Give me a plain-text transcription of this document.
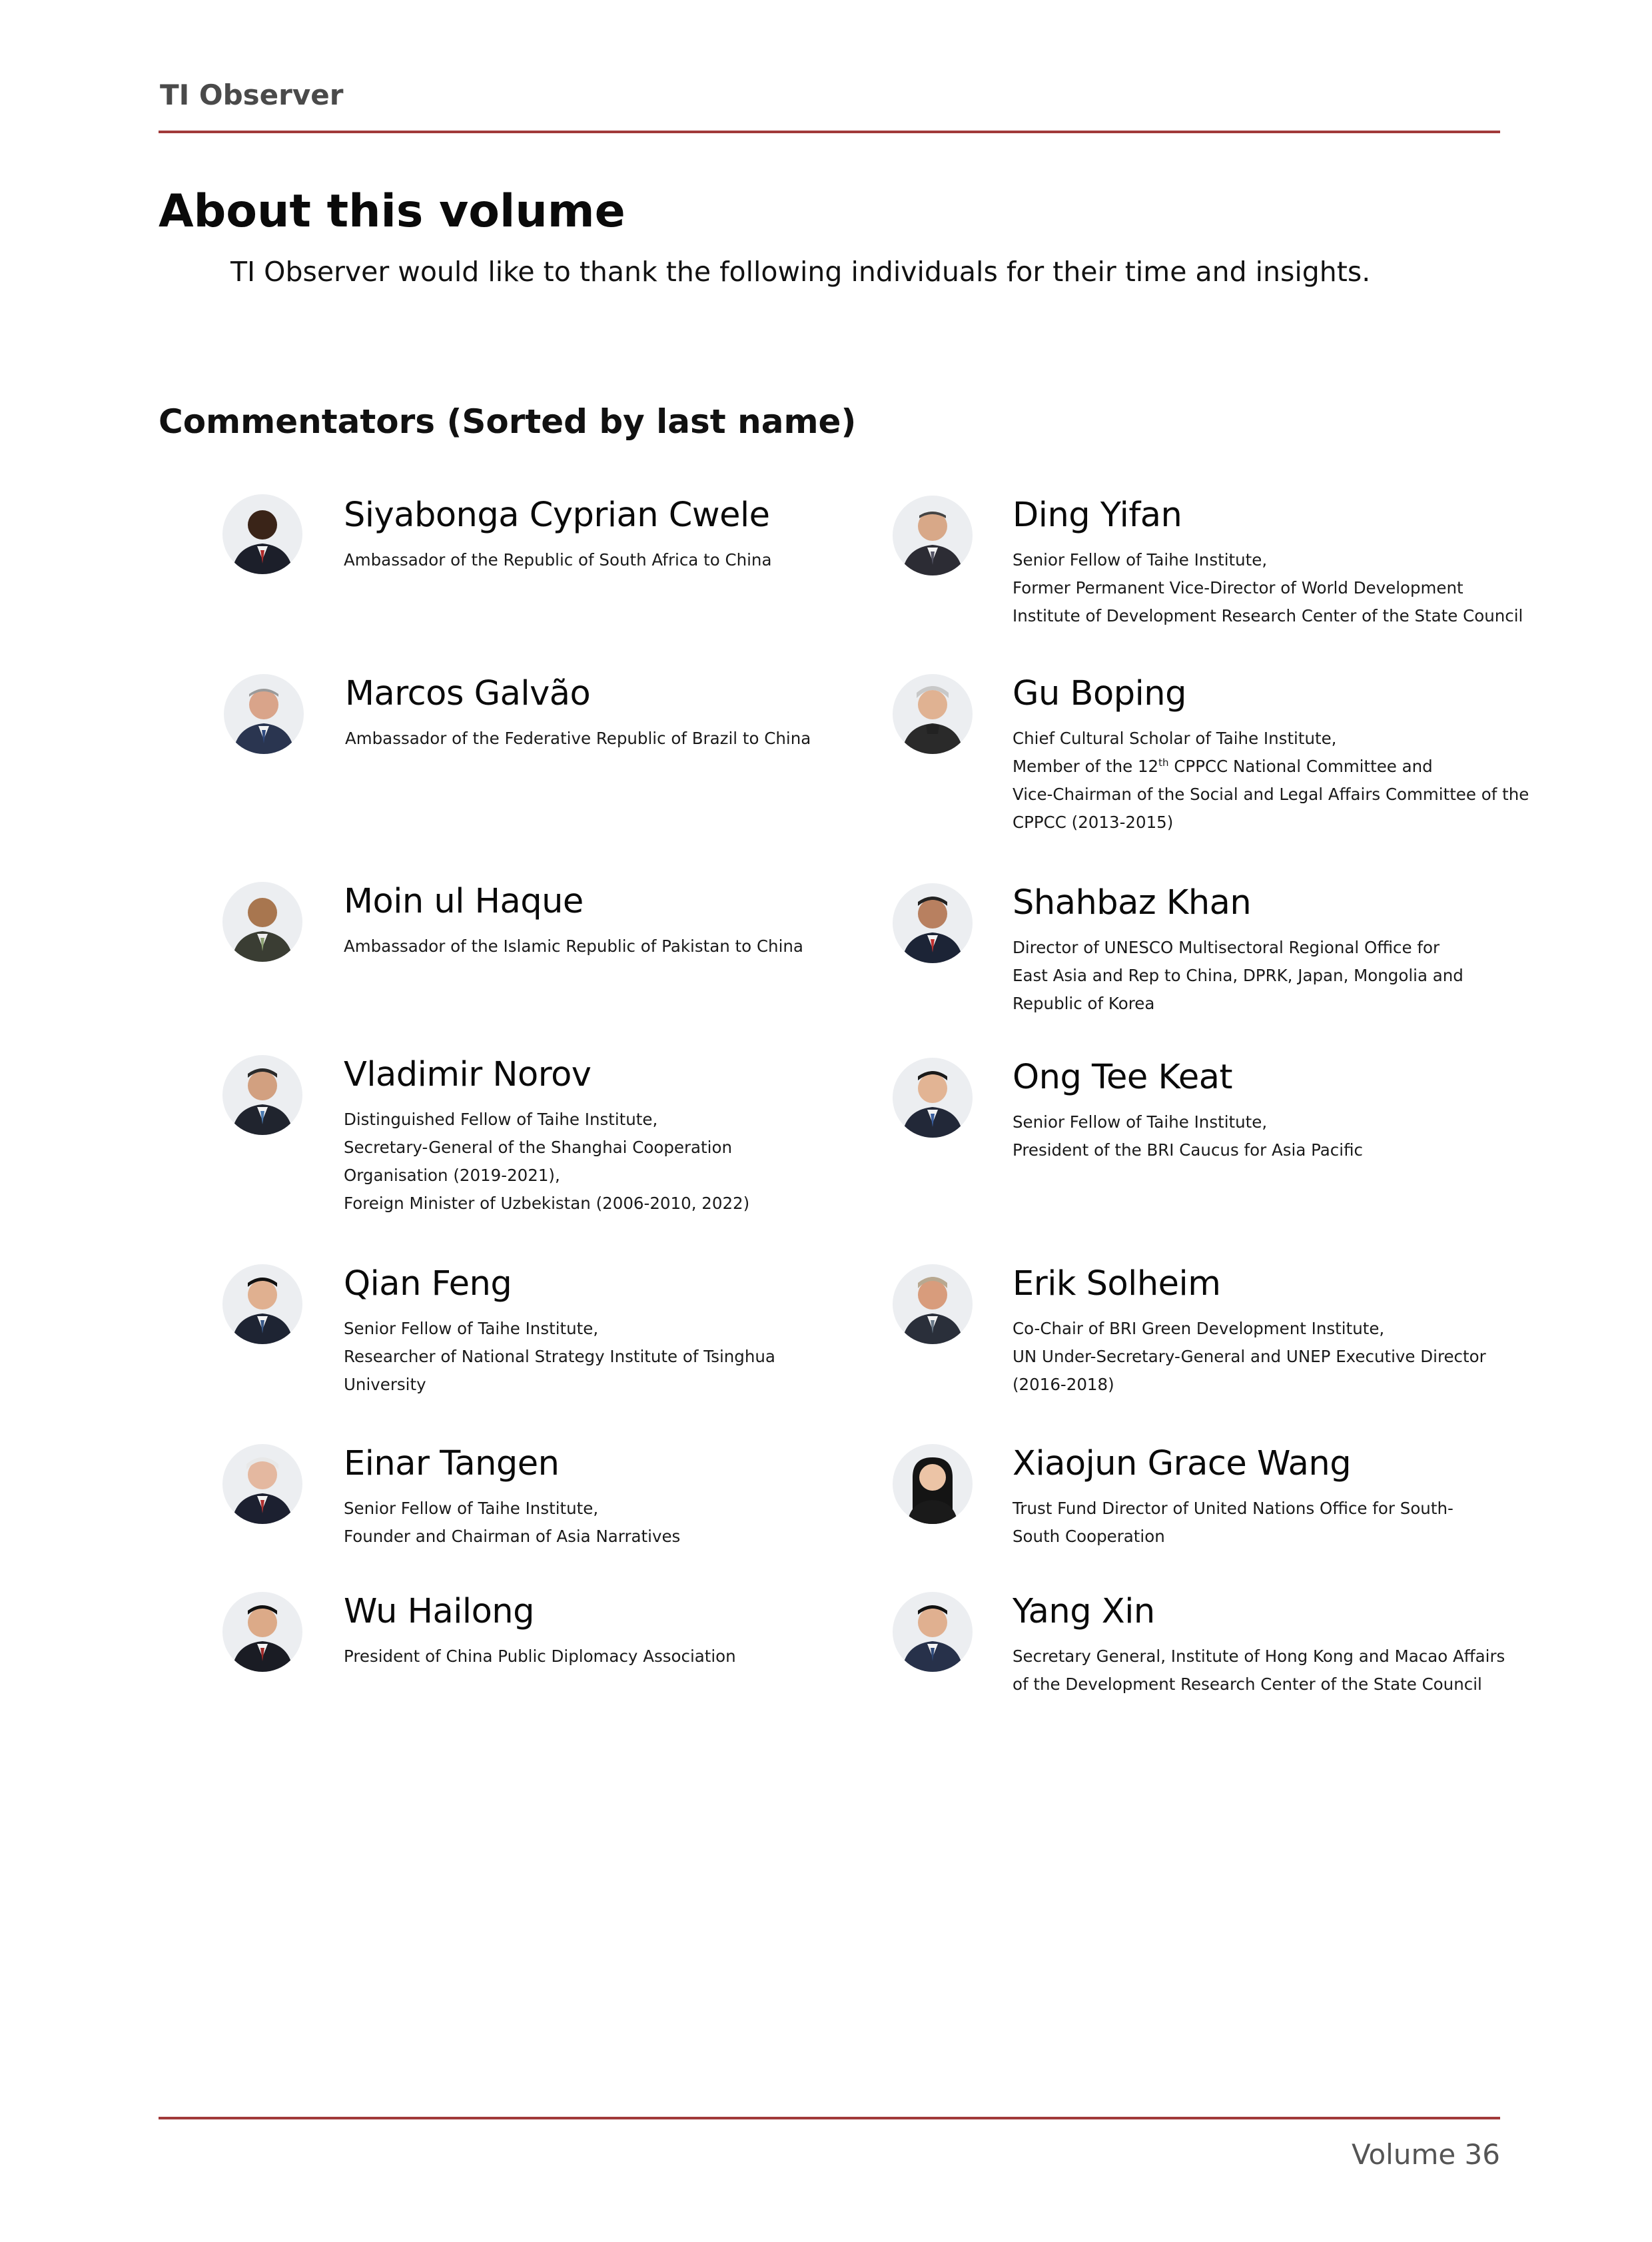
TI Observer
About this volume

TI Observer would like to thank the following individuals for their time and insights.

Commentators (Sorted by last name)
Siyabonga Cyprian Cwele
Ambassador of the Republic of South Africa to China
Marcos Galvão
Ambassador of the Federative Republic of Brazil to China
Moin ul Haque
Ambassador of the Islamic Republic of Pakistan to China
Vladimir Norov
Distinguished Fellow of Taihe Institute,
Secretary-General of the Shanghai Cooperation
Organisation (2019-2021),
Foreign Minister of Uzbekistan (2006-2010, 2022)
Qian Feng
Senior Fellow of Taihe Institute,
Researcher of National Strategy Institute of Tsinghua
University
Einar Tangen
Senior Fellow of Taihe Institute,
Founder and Chairman of Asia Narratives
Wu Hailong
President of China Public Diplomacy Association
Ding Yifan
Senior Fellow of Taihe Institute,
Former Permanent Vice-Director of World Development
Institute of Development Research Center of the State Council
Gu Boping
Chief Cultural Scholar of Taihe Institute,
Member of the 12th CPPCC National Committee and
Vice-Chairman of the Social and Legal Affairs Committee of the
CPPCC (2013-2015)
Shahbaz Khan
Director of UNESCO Multisectoral Regional Office for
East Asia and Rep to China, DPRK, Japan, Mongolia and
Republic of Korea
Ong Tee Keat
Senior Fellow of Taihe Institute,
President of the BRI Caucus for Asia Pacific
Erik Solheim
Co-Chair of BRI Green Development Institute,
UN Under-Secretary-General and UNEP Executive Director
(2016-2018)
Xiaojun Grace Wang
Trust Fund Director of United Nations Office for South-
South Cooperation
Yang Xin
Secretary General, Institute of Hong Kong and Macao Affairs
of the Development Research Center of the State Council
Volume 36
